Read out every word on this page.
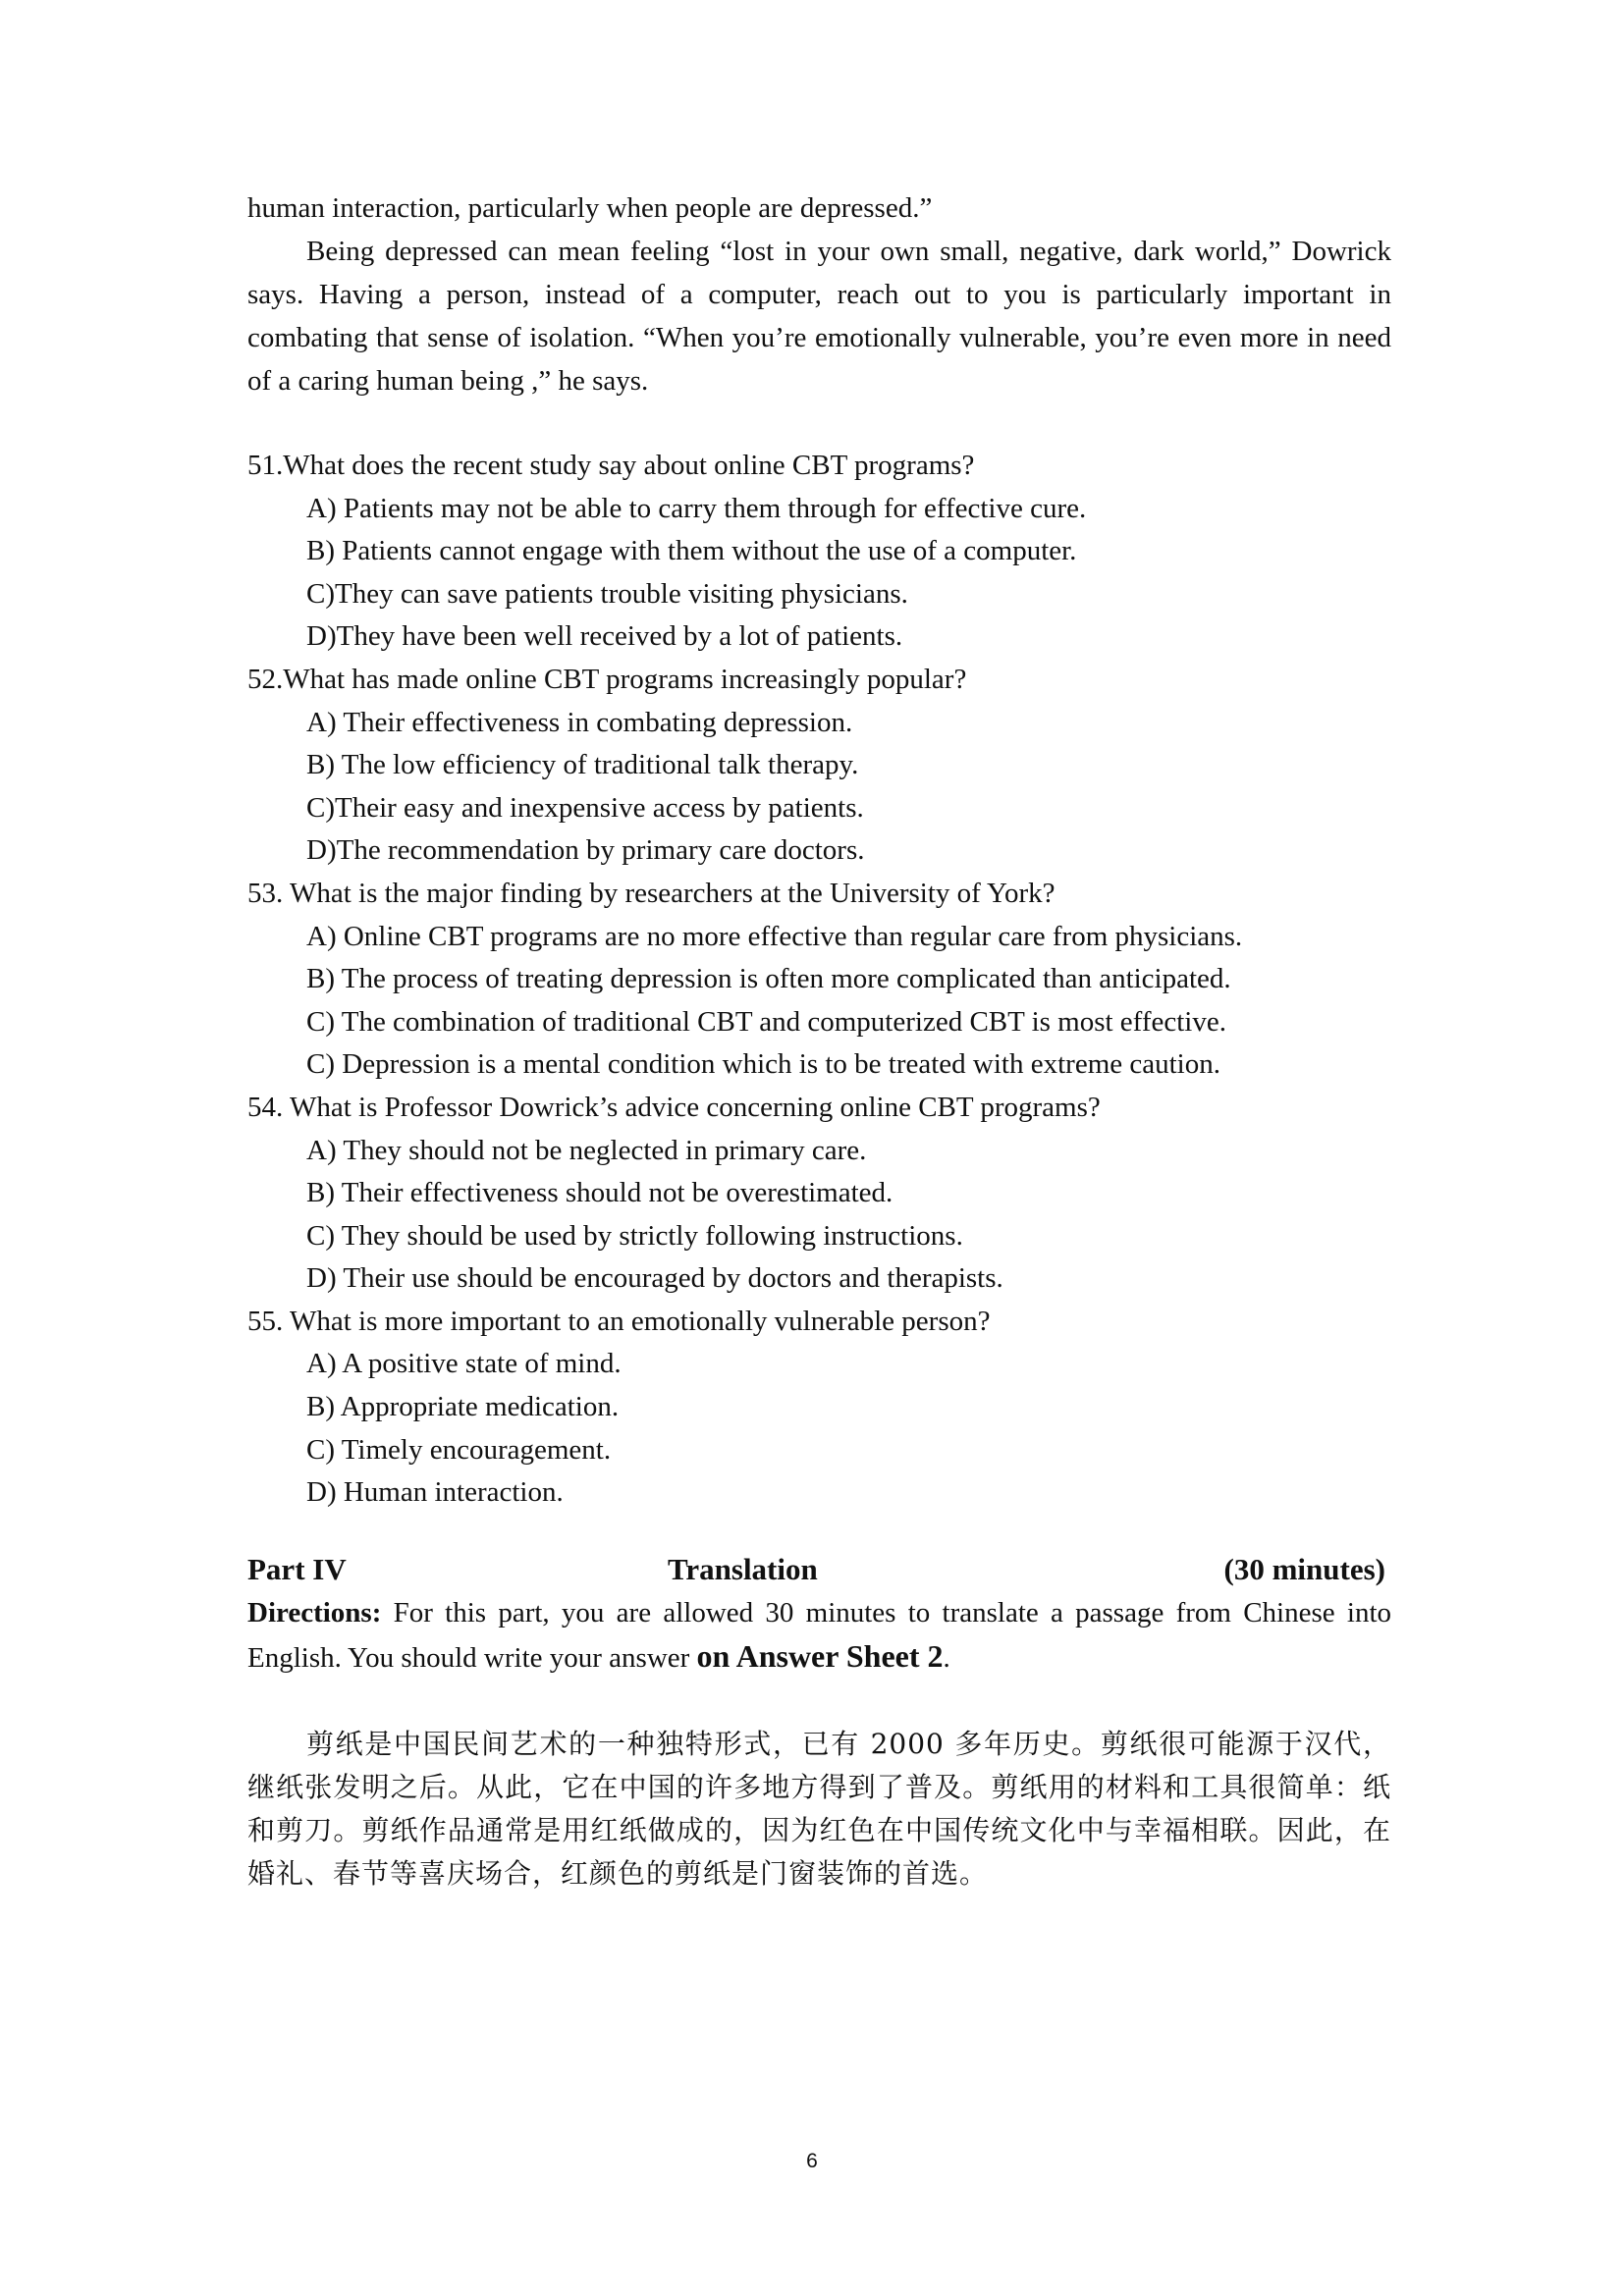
human interaction, particularly when people are depressed.”

Being depressed can mean feeling “lost in your own small, negative, dark world,” Dowrick says. Having a person, instead of a computer, reach out to you is particularly important in combating that sense of isolation. “When you’re emotionally vulnerable, you’re even more in need of a caring human being ,” he says.

51.What does the recent study say about online CBT programs?

A) Patients may not be able to carry them through for effective cure.

B) Patients cannot engage with them without the use of a computer.

C)They can save patients trouble visiting physicians.

D)They have been well received by a lot of patients.

52.What has made online CBT programs increasingly popular?

A) Their effectiveness in combating depression.

B) The low efficiency of traditional talk therapy.

C)Their easy and inexpensive access by patients.

D)The recommendation by primary care doctors.

53. What is the major finding by researchers at the University of York?

A) Online CBT programs are no more effective than regular care from physicians.

B) The process of treating depression is often more complicated than anticipated.

C) The combination of traditional CBT and computerized CBT is most effective.

C) Depression is a mental condition which is to be treated with extreme caution.

54. What is Professor Dowrick’s advice concerning online CBT programs?

A) They should not be neglected in primary care.

B) Their effectiveness should not be overestimated.

C) They should be used by strictly following instructions.

D) Their use should be encouraged by doctors and therapists.

55. What is more important to an emotionally vulnerable person?

A) A positive state of mind.

B) Appropriate medication.

C) Timely encouragement.

D) Human interaction.

Part IV	Translation	(30 minutes)

Directions: For this part, you are allowed 30 minutes to translate a passage from Chinese into English. You should write your answer on Answer Sheet 2.

剪纸是中国民间艺术的一种独特形式，已有 2000 多年历史。剪纸很可能源于汉代，继纸张发明之后。从此，它在中国的许多地方得到了普及。剪纸用的材料和工具很简单：纸和剪刀。剪纸作品通常是用红纸做成的，因为红色在中国传统文化中与幸福相联。因此，在婚礼、春节等喜庆场合，红颜色的剪纸是门窗装饰的首选。

6
